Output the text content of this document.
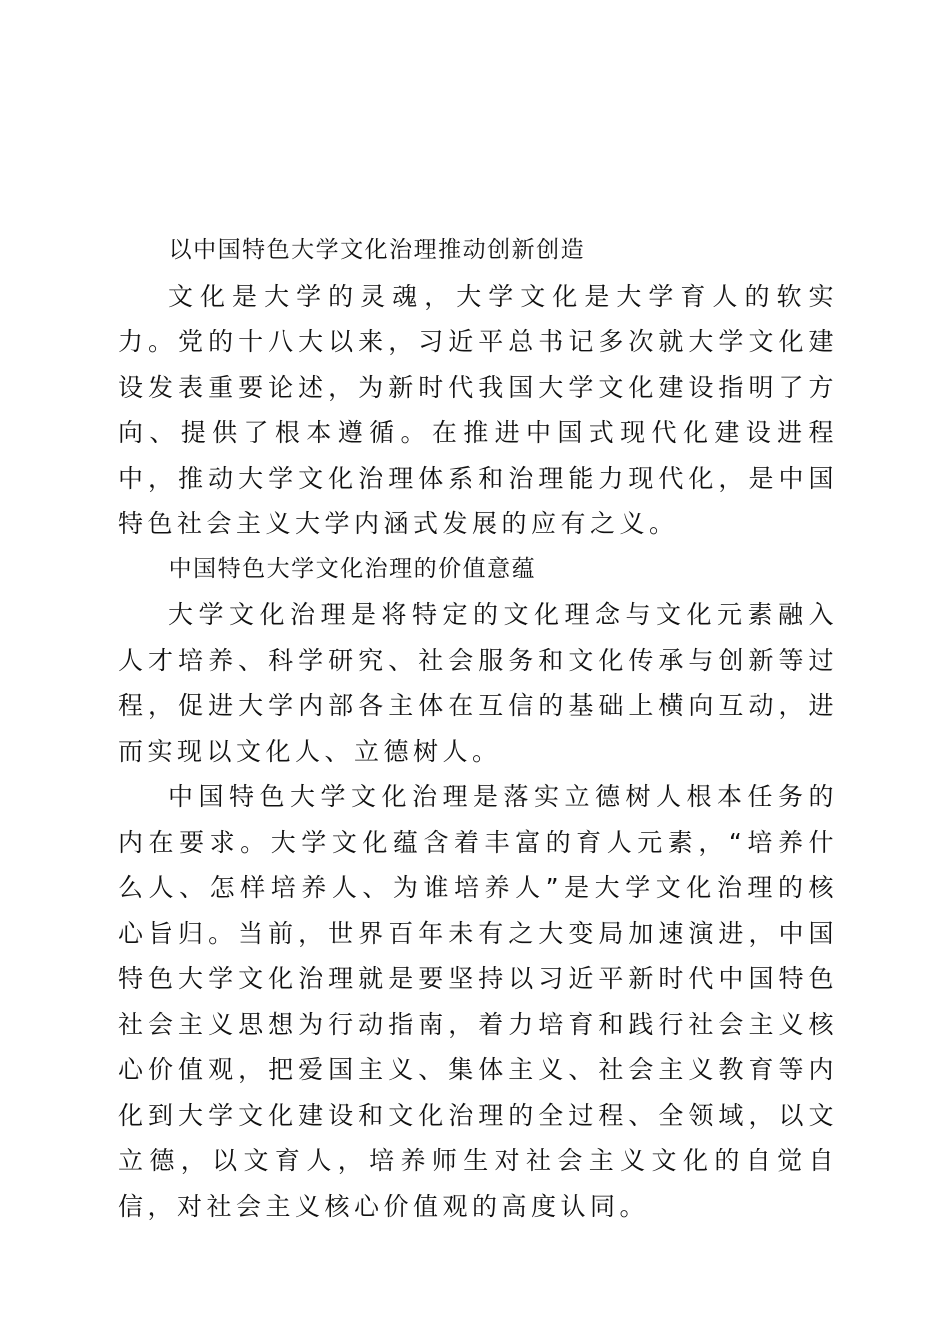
以中国特色大学文化治理推动创新创造

文化是大学的灵魂，大学文化是大学育人的软实力。党的十八大以来，习近平总书记多次就大学文化建设发表重要论述，为新时代我国大学文化建设指明了方向、提供了根本遵循。在推进中国式现代化建设进程中，推动大学文化治理体系和治理能力现代化，是中国特色社会主义大学内涵式发展的应有之义。

中国特色大学文化治理的价值意蕴

大学文化治理是将特定的文化理念与文化元素融入人才培养、科学研究、社会服务和文化传承与创新等过程，促进大学内部各主体在互信的基础上横向互动，进而实现以文化人、立德树人。

中国特色大学文化治理是落实立德树人根本任务的内在要求。大学文化蕴含着丰富的育人元素，“培养什么人、怎样培养人、为谁培养人”是大学文化治理的核心旨归。当前，世界百年未有之大变局加速演进，中国特色大学文化治理就是要坚持以习近平新时代中国特色社会主义思想为行动指南，着力培育和践行社会主义核心价值观，把爱国主义、集体主义、社会主义教育等内化到大学文化建设和文化治理的全过程、全领域，以文立德，以文育人，培养师生对社会主义文化的自觉自信，对社会主义核心价值观的高度认同。
